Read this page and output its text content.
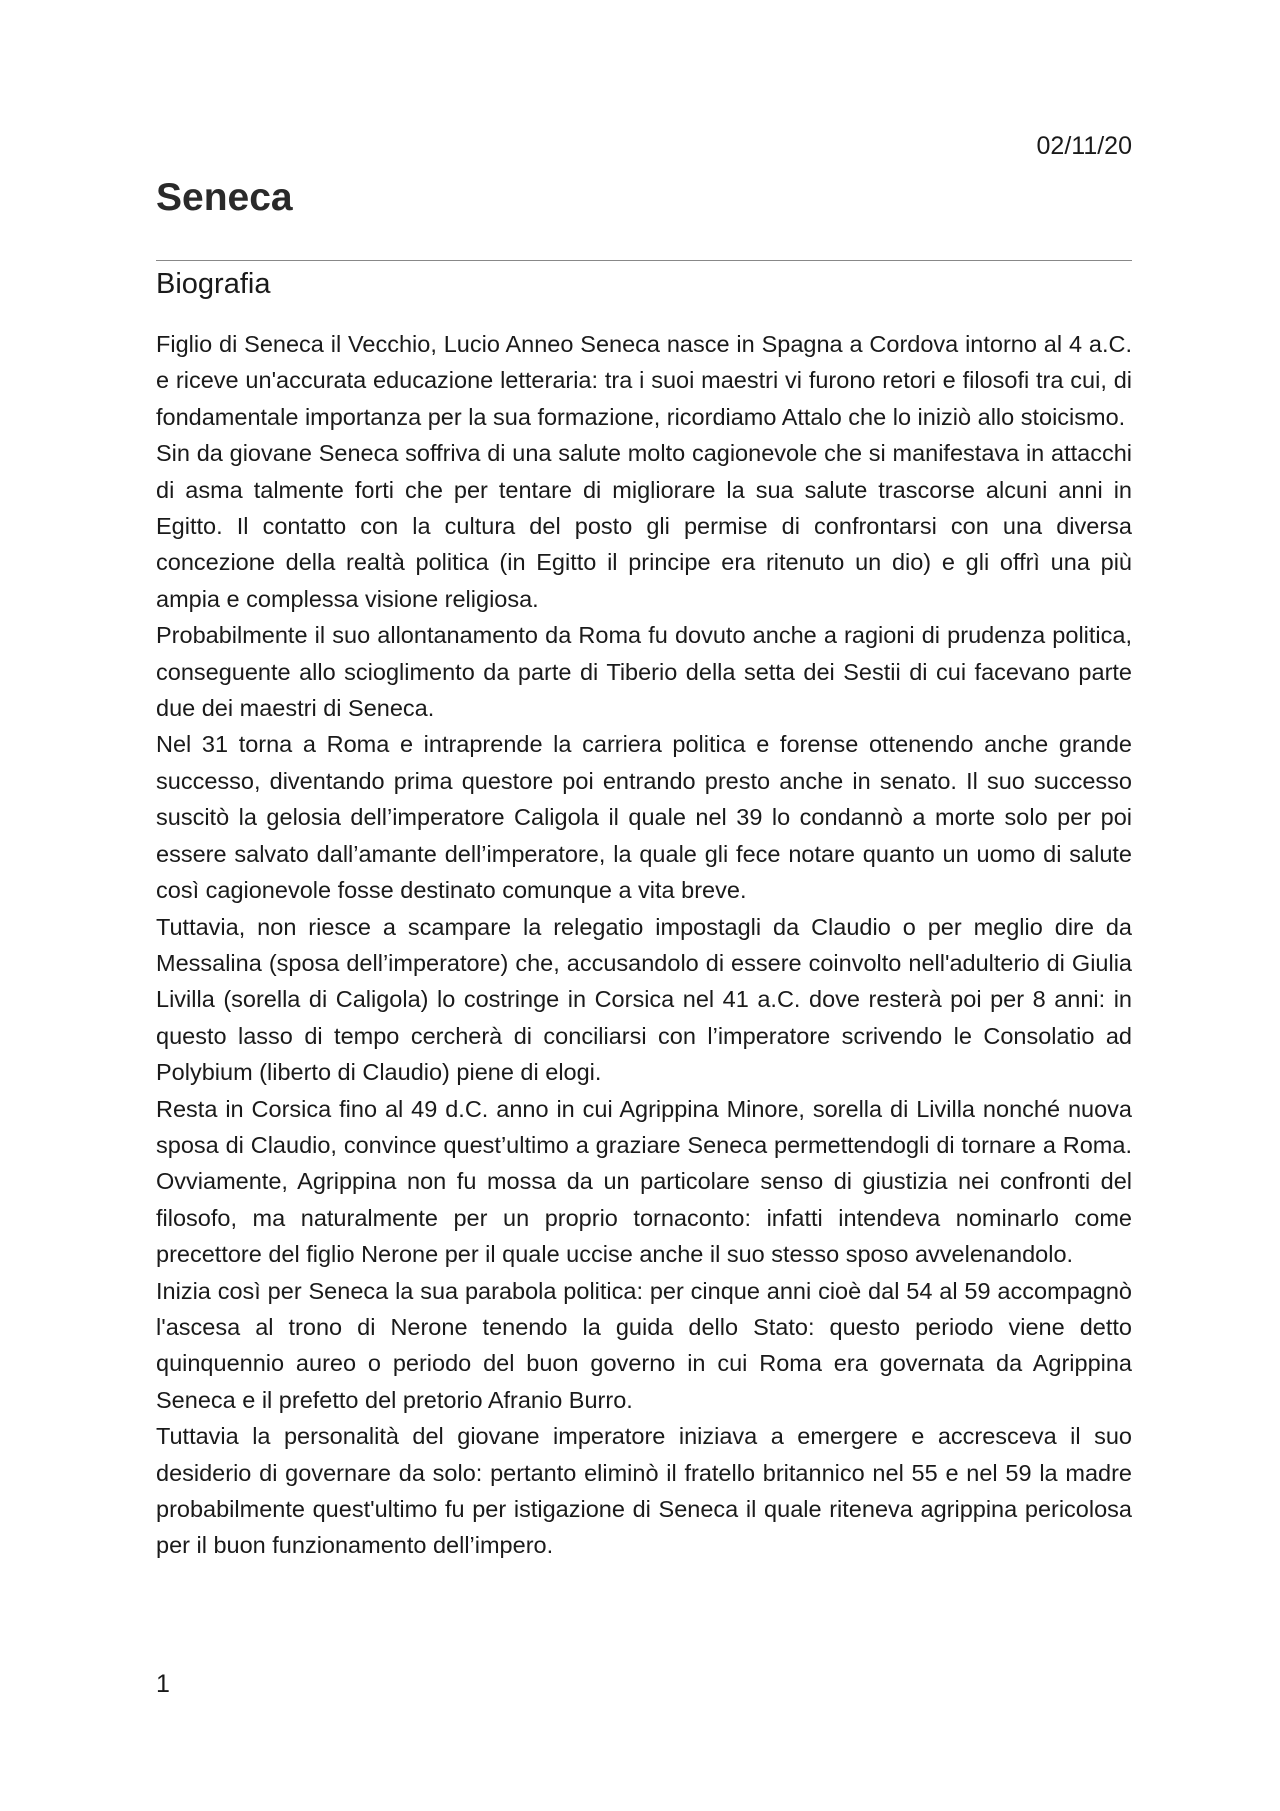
02/11/20
Seneca
Biografia

Figlio di Seneca il Vecchio, Lucio Anneo Seneca nasce in Spagna a Cordova intorno al 4 a.C. e riceve un'accurata educazione letteraria: tra i suoi maestri vi furono retori e filosofi tra cui, di fondamentale importanza per la sua formazione, ricordiamo Attalo che lo iniziò allo stoicismo.

Sin da giovane Seneca soffriva di una salute molto cagionevole che si manifestava in attacchi di asma talmente forti che per tentare di migliorare la sua salute trascorse alcuni anni in Egitto. Il contatto con la cultura del posto gli permise di confrontarsi con una diversa concezione della realtà politica (in Egitto il principe era ritenuto un dio) e gli offrì una più ampia e complessa visione religiosa.

Probabilmente il suo allontanamento da Roma fu dovuto anche a ragioni di prudenza politica, conseguente allo scioglimento da parte di Tiberio della setta dei Sestii di cui facevano parte due dei maestri di Seneca.

Nel 31 torna a Roma e intraprende la carriera politica e forense ottenendo anche grande successo, diventando prima questore poi entrando presto anche in senato. Il suo successo suscitò la gelosia dell’imperatore Caligola il quale nel 39 lo condannò a morte solo per poi essere salvato dall’amante dell’imperatore, la quale gli fece notare quanto un uomo di salute così cagionevole fosse destinato comunque a vita breve.

Tuttavia, non riesce a scampare la relegatio impostagli da Claudio o per meglio dire da Messalina (sposa dell’imperatore) che, accusandolo di essere coinvolto nell'adulterio di Giulia Livilla (sorella di Caligola) lo costringe in Corsica nel 41 a.C. dove resterà poi per 8 anni: in questo lasso di tempo cercherà di conciliarsi con l’imperatore scrivendo le Consolatio ad Polybium (liberto di Claudio) piene di elogi.

Resta in Corsica fino al 49 d.C. anno in cui Agrippina Minore, sorella di Livilla nonché nuova sposa di Claudio, convince quest’ultimo a graziare Seneca permettendogli di tornare a Roma. Ovviamente, Agrippina non fu mossa da un particolare senso di giustizia nei confronti del filosofo, ma naturalmente per un proprio tornaconto: infatti intendeva nominarlo come precettore del figlio Nerone per il quale uccise anche il suo stesso sposo avvelenandolo.

Inizia così per Seneca la sua parabola politica: per cinque anni cioè dal 54 al 59 accompagnò l'ascesa al trono di Nerone tenendo la guida dello Stato: questo periodo viene detto quinquennio aureo o periodo del buon governo in cui Roma era governata da Agrippina Seneca e il prefetto del pretorio Afranio Burro.

Tuttavia la personalità del giovane imperatore iniziava a emergere e accresceva il suo desiderio di governare da solo: pertanto eliminò il fratello britannico nel 55 e nel 59 la madre probabilmente quest'ultimo fu per istigazione di Seneca il quale riteneva agrippina pericolosa per il buon funzionamento dell’impero.

1
